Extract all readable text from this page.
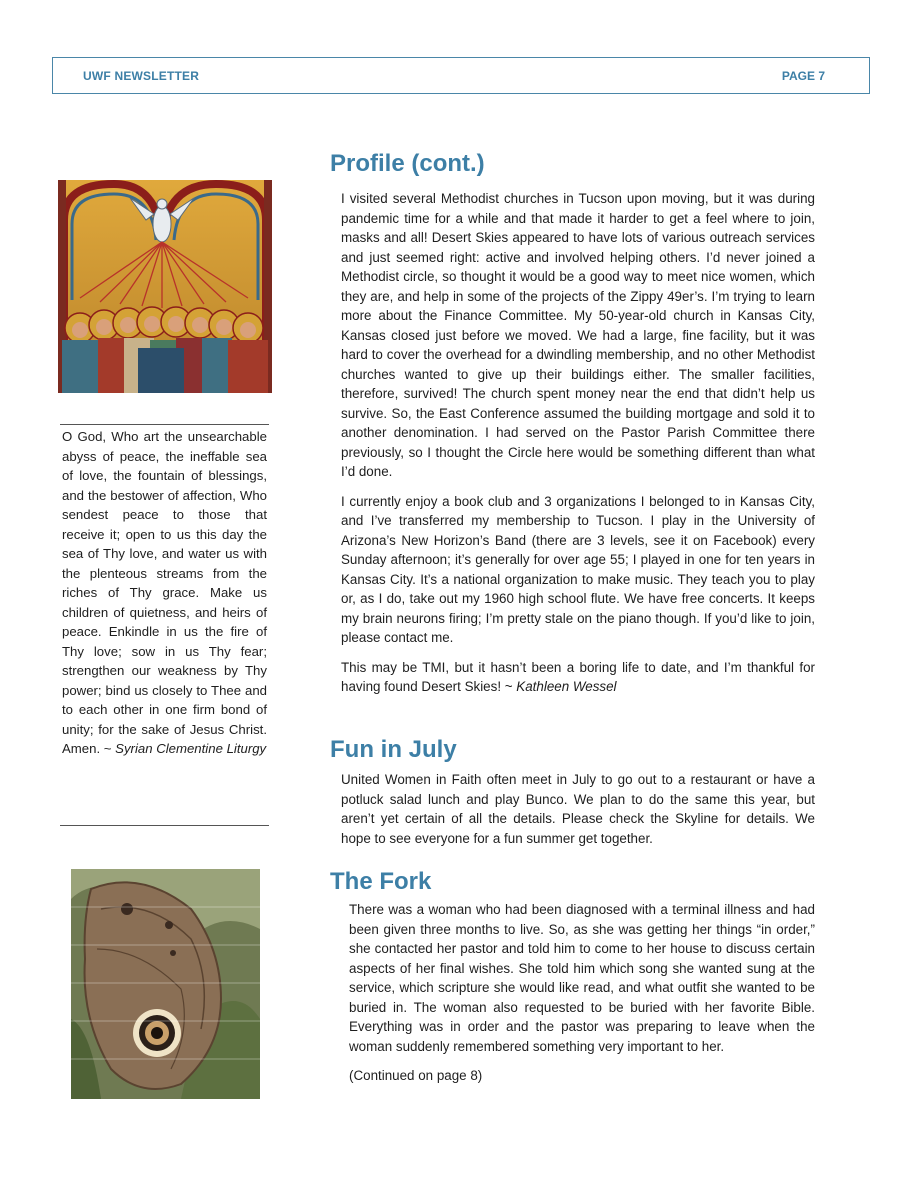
UWF NEWSLETTER	PAGE 7
O God, Who art the unsearchable abyss of peace, the ineffable sea of love, the fountain of blessings, and the bestower of affection, Who sendest peace to those that receive it; open to us this day the sea of Thy love, and water us with the plenteous streams from the riches of Thy grace. Make us children of quietness, and heirs of peace. Enkindle in us the fire of Thy love; sow in us Thy fear; strengthen our weakness by Thy power; bind us closely to Thee and to each other in one firm bond of unity; for the sake of Jesus Christ. Amen. ~ Syrian Clementine Liturgy
Profile (cont.)

I visited several Methodist churches in Tucson upon moving, but it was during pandemic time for a while and that made it harder to get a feel where to join, masks and all! Desert Skies appeared to have lots of various outreach services and just seemed right: active and involved helping others. I’d never joined a Methodist circle, so thought it would be a good way to meet nice women, which they are, and help in some of the projects of the Zippy 49er’s. I’m trying to learn more about the Finance Committee. My 50-year-old church in Kansas City, Kansas closed just before we moved. We had a large, fine facility, but it was hard to cover the overhead for a dwindling membership, and no other Methodist churches wanted to give up their buildings either. The smaller facilities, therefore, survived! The church spent money near the end that didn’t help us survive. So, the East Conference assumed the building mortgage and sold it to another denomination. I had served on the Pastor Parish Committee there previously, so I thought the Circle here would be something different than what I’d done.

I currently enjoy a book club and 3 organizations I belonged to in Kansas City, and I’ve transferred my membership to Tucson. I play in the University of Arizona’s New Horizon’s Band (there are 3 levels, see it on Facebook) every Sunday afternoon; it’s generally for over age 55; I played in one for ten years in Kansas City. It’s a national organization to make music. They teach you to play or, as I do, take out my 1960 high school flute. We have free concerts. It keeps my brain neurons firing; I’m pretty stale on the piano though. If you’d like to join, please contact me.

This may be TMI, but it hasn’t been a boring life to date, and I’m thankful for having found Desert Skies! ~ Kathleen Wessel

Fun in July

United Women in Faith often meet in July to go out to a restaurant or have a potluck salad lunch and play Bunco. We plan to do the same this year, but aren’t yet certain of all the details. Please check the Skyline for details. We hope to see everyone for a fun summer get together.

The Fork

There was a woman who had been diagnosed with a terminal illness and had been given three months to live. So, as she was getting her things “in order,” she contacted her pastor and told him to come to her house to discuss certain aspects of her final wishes. She told him which song she wanted sung at the service, which scripture she would like read, and what outfit she wanted to be buried in. The woman also requested to be buried with her favorite Bible. Everything was in order and the pastor was preparing to leave when the woman suddenly remembered something very important to her.

(Continued on page 8)
